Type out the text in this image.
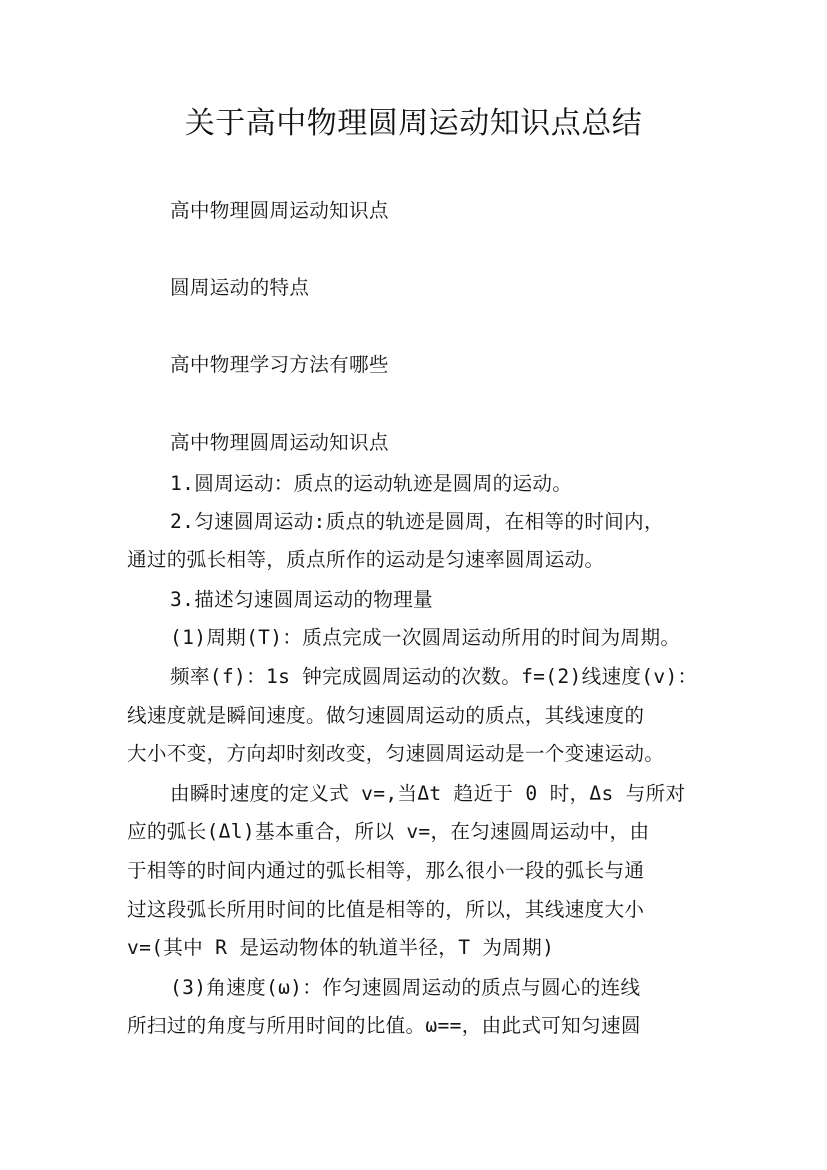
关于高中物理圆周运动知识点总结
高中物理圆周运动知识点
圆周运动的特点
高中物理学习方法有哪些
高中物理圆周运动知识点
1.圆周运动：质点的运动轨迹是圆周的运动。
2.匀速圆周运动:质点的轨迹是圆周，在相等的时间内，
通过的弧长相等，质点所作的运动是匀速率圆周运动。
3.描述匀速圆周运动的物理量
(1)周期(T)：质点完成一次圆周运动所用的时间为周期。
频率(f)：1s 钟完成圆周运动的次数。f=(2)线速度(v)：
线速度就是瞬间速度。做匀速圆周运动的质点，其线速度的
大小不变，方向却时刻改变，匀速圆周运动是一个变速运动。
由瞬时速度的定义式 v=,当Δt 趋近于 0 时，Δs 与所对
应的弧长(Δl)基本重合，所以 v=，在匀速圆周运动中，由
于相等的时间内通过的弧长相等，那么很小一段的弧长与通
过这段弧长所用时间的比值是相等的，所以，其线速度大小
v=(其中 R 是运动物体的轨道半径，T 为周期)
(3)角速度(ω)：作匀速圆周运动的质点与圆心的连线
所扫过的角度与所用时间的比值。ω==，由此式可知匀速圆
